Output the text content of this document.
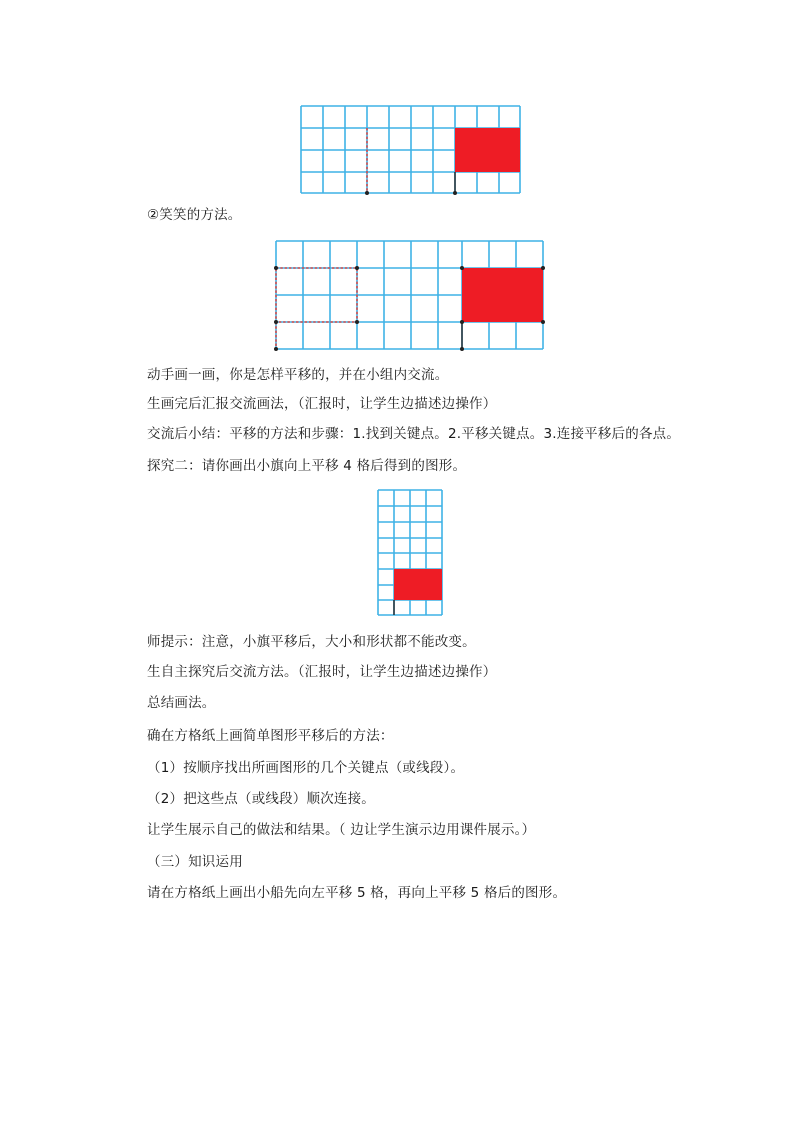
②笑笑的方法。
动手画一画，你是怎样平移的，并在小组内交流。
生画完后汇报交流画法，（汇报时，让学生边描述边操作）
交流后小结：平移的方法和步骤：1.找到关键点。2.平移关键点。3.连接平移后的各点。
探究二：请你画出小旗向上平移 4 格后得到的图形。
师提示：注意，小旗平移后，大小和形状都不能改变。
生自主探究后交流方法。（汇报时，让学生边描述边操作）
总结画法。
确在方格纸上画简单图形平移后的方法：
（1）按顺序找出所画图形的几个关键点（或线段）。
（2）把这些点（或线段）顺次连接。
让学生展示自己的做法和结果。（ 边让学生演示边用课件展示。）
（三）知识运用
请在方格纸上画出小船先向左平移 5 格，再向上平移 5 格后的图形。
